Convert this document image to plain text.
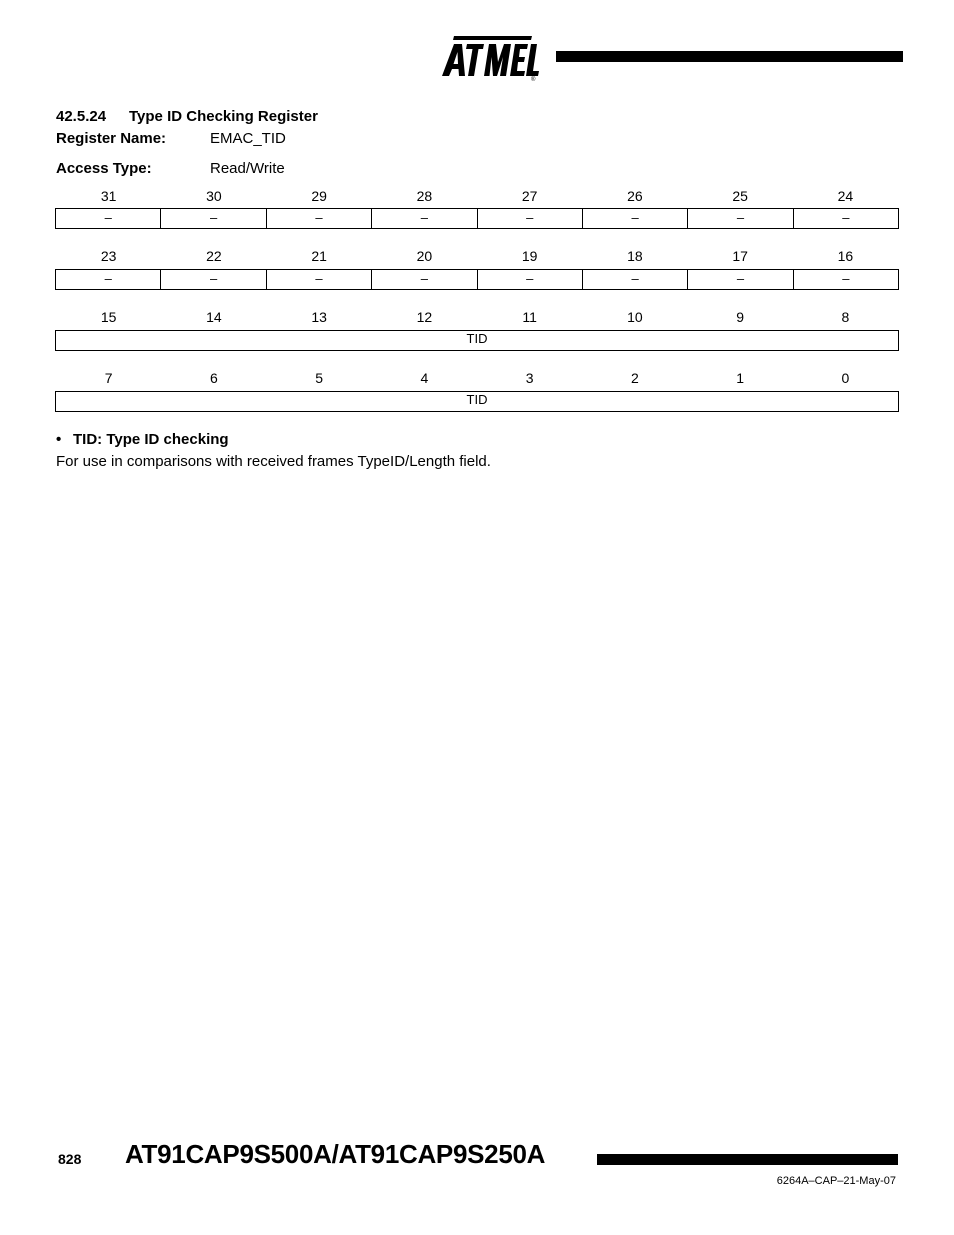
®
42.5.24 Type ID Checking Register
Register Name:	EMAC_TID
Access Type:	Read/Write
31	30	29	28	27	26	25	24
–	–	–	–	–	–	–	–
23	22	21	20	19	18	17	16
–	–	–	–	–	–	–	–
15	14	13	12	11	10	9	8
TID
7	6	5	4	3	2	1	0
TID
• TID: Type ID checking
For use in comparisons with received frames TypeID/Length field.
828 AT91CAP9S500A/AT91CAP9S250A
6264A–CAP–21-May-07
